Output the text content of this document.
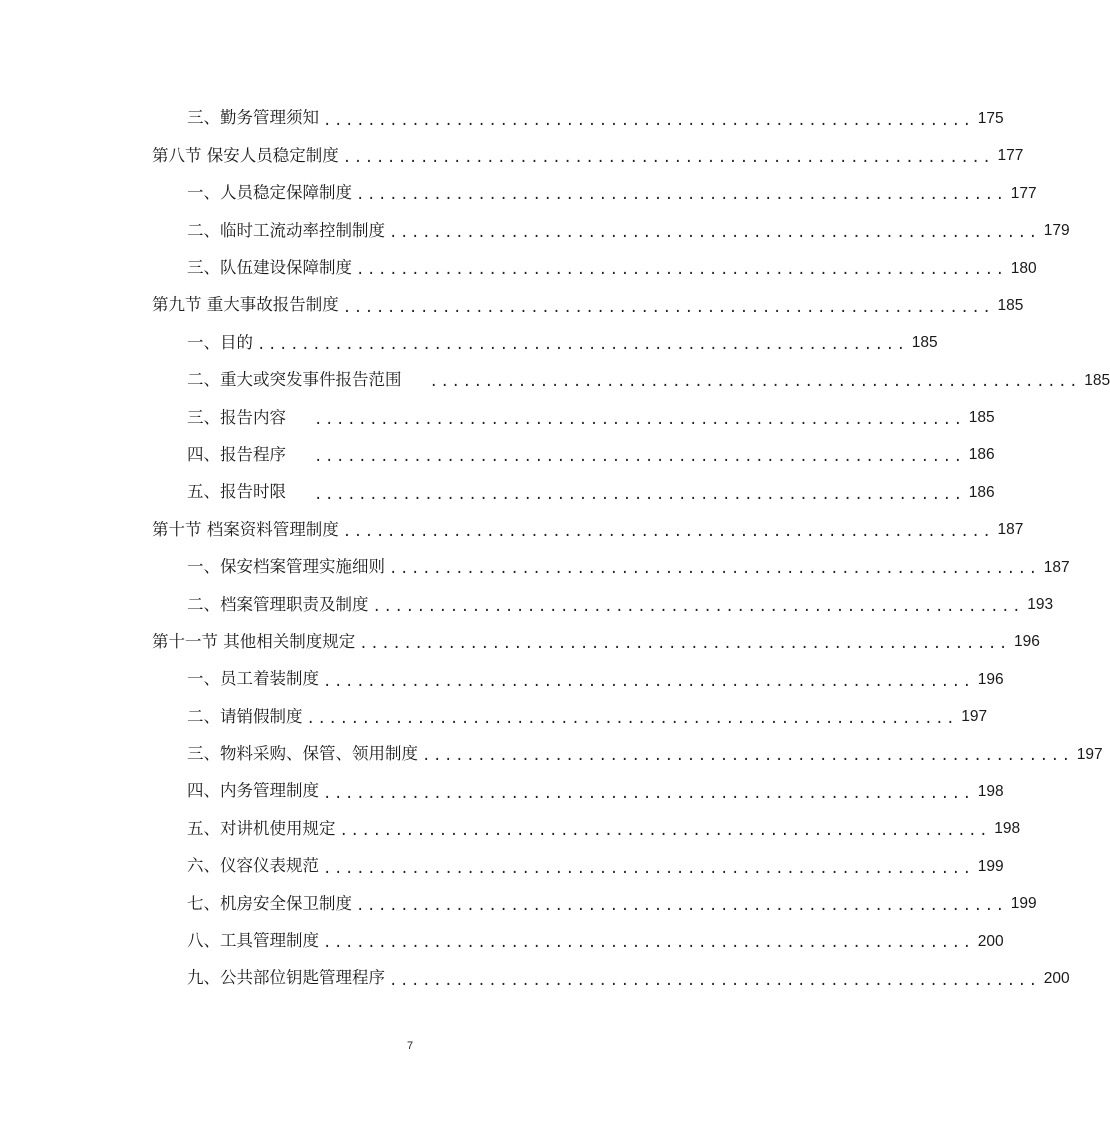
三、勤务管理须知 ........................................................... 175
第八节 保安人员稳定制度 ........................................................... 177
一、人员稳定保障制度 ........................................................... 177
二、临时工流动率控制制度 ........................................................... 179
三、队伍建设保障制度 ........................................................... 180
第九节 重大事故报告制度 ........................................................... 185
一、目的 ........................................................... 185
二、重大或突发事件报告范围 ........................................................... 185
三、报告内容 ........................................................... 185
四、报告程序 ........................................................... 186
五、报告时限 ........................................................... 186
第十节 档案资料管理制度 ........................................................... 187
一、保安档案管理实施细则 ........................................................... 187
二、档案管理职责及制度 ........................................................... 193
第十一节 其他相关制度规定 ........................................................... 196
一、员工着装制度 ........................................................... 196
二、请销假制度 ........................................................... 197
三、物料采购、保管、领用制度 ........................................................... 197
四、内务管理制度 ........................................................... 198
五、对讲机使用规定 ........................................................... 198
六、仪容仪表规范 ........................................................... 199
七、机房安全保卫制度 ........................................................... 199
八、工具管理制度 ........................................................... 200
九、公共部位钥匙管理程序 ........................................................... 200
7
